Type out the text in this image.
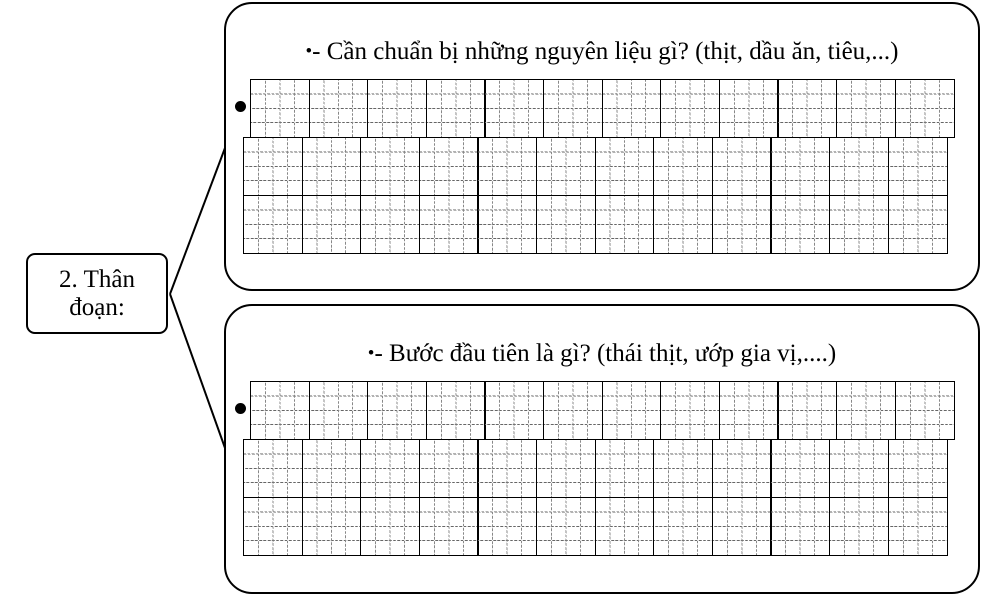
2. Thân
đoạn:
•- Cần chuẩn bị những nguyên liệu gì? (thịt, dầu ăn, tiêu,...)
•- Bước đầu tiên là gì? (thái thịt, ướp gia vị,....)
